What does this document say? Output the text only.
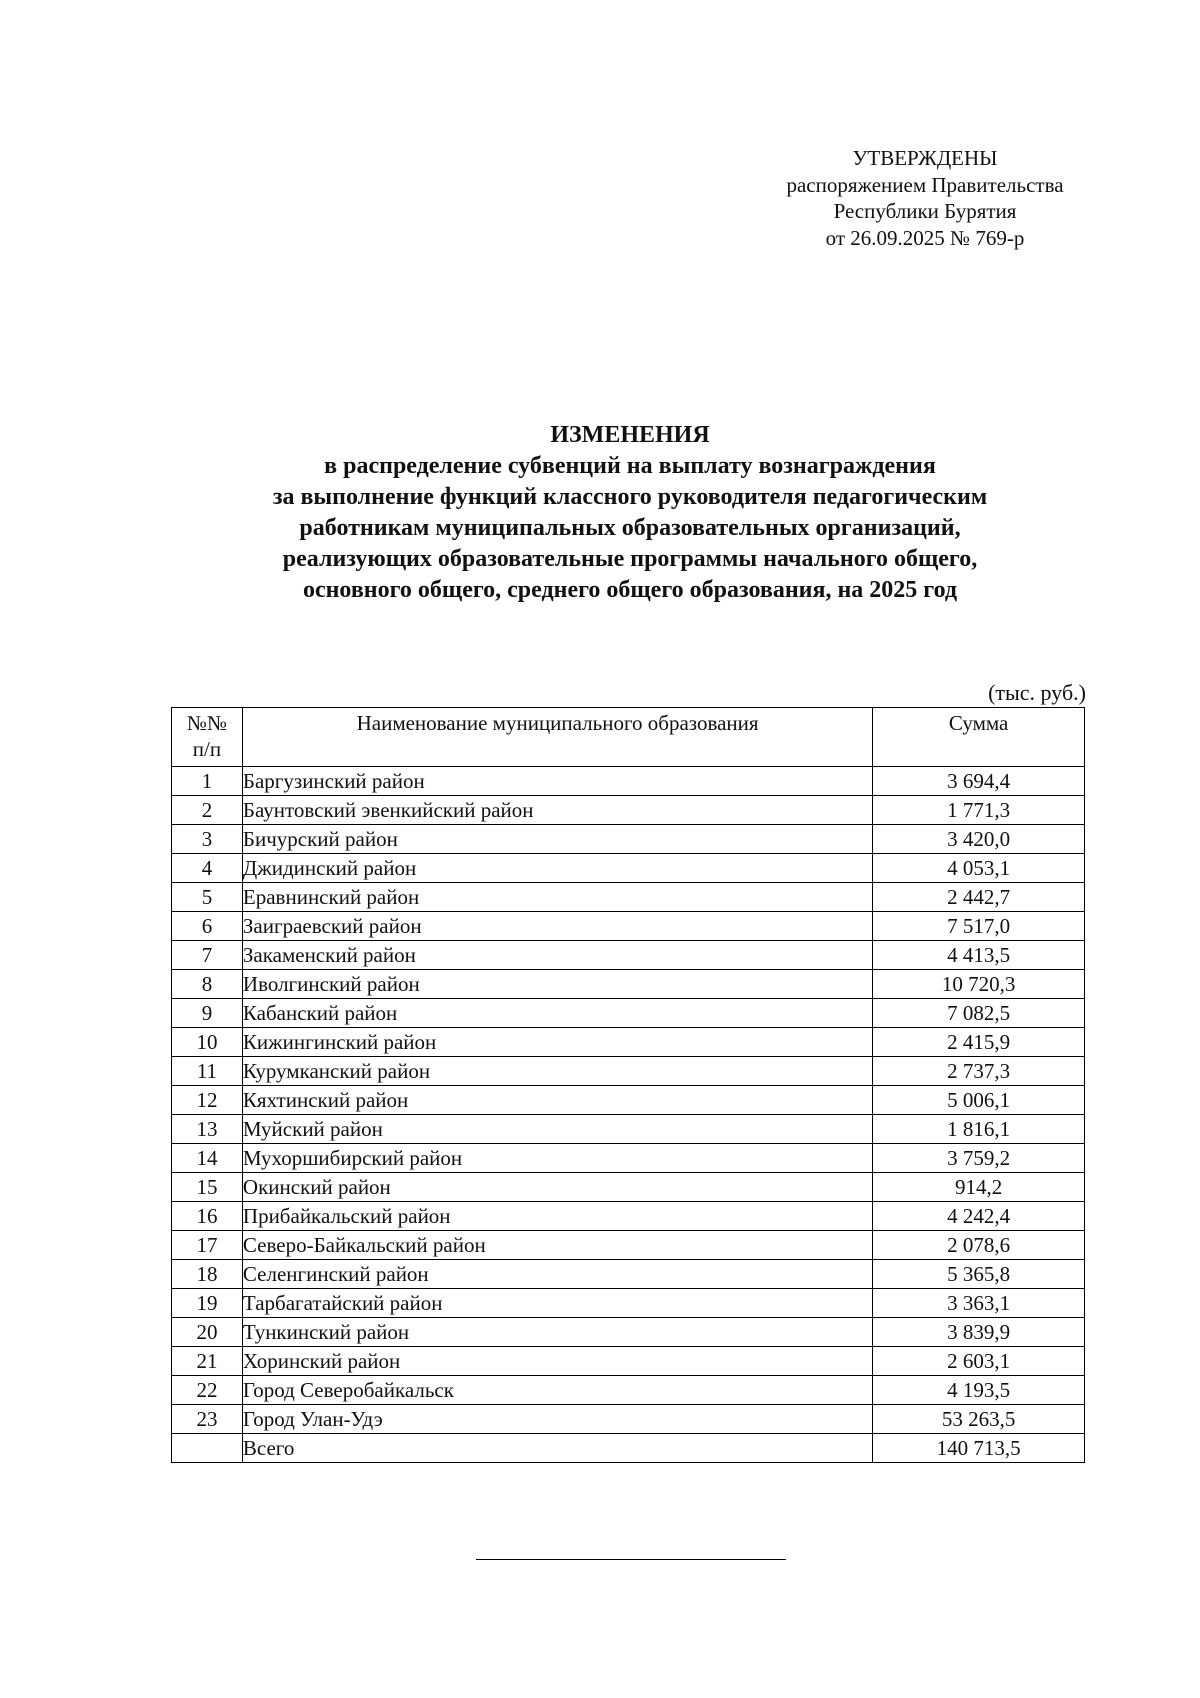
УТВЕРЖДЕНЫ
распоряжением Правительства
Республики Бурятия
от 26.09.2025 № 769-р
ИЗМЕНЕНИЯ
в распределение субвенций на выплату вознаграждения
за выполнение функций классного руководителя педагогическим
работникам муниципальных образовательных организаций,
реализующих образовательные программы начального общего,
основного общего, среднего общего образования, на 2025 год
(тыс. руб.)
№№
п/п	Наименование муниципального образования	Сумма
1	Баргузинский район	3 694,4
2	Баунтовский эвенкийский район	1 771,3
3	Бичурский район	3 420,0
4	Джидинский район	4 053,1
5	Еравнинский район	2 442,7
6	Заиграевский район	7 517,0
7	Закаменский район	4 413,5
8	Иволгинский район	10 720,3
9	Кабанский район	7 082,5
10	Кижингинский район	2 415,9
11	Курумканский район	2 737,3
12	Кяхтинский район	5 006,1
13	Муйский район	1 816,1
14	Мухоршибирский район	3 759,2
15	Окинский район	914,2
16	Прибайкальский район	4 242,4
17	Северо-Байкальский район	2 078,6
18	Селенгинский район	5 365,8
19	Тарбагатайский район	3 363,1
20	Тункинский район	3 839,9
21	Хоринский район	2 603,1
22	Город Северобайкальск	4 193,5
23	Город Улан-Удэ	53 263,5
	Всего	140 713,5
